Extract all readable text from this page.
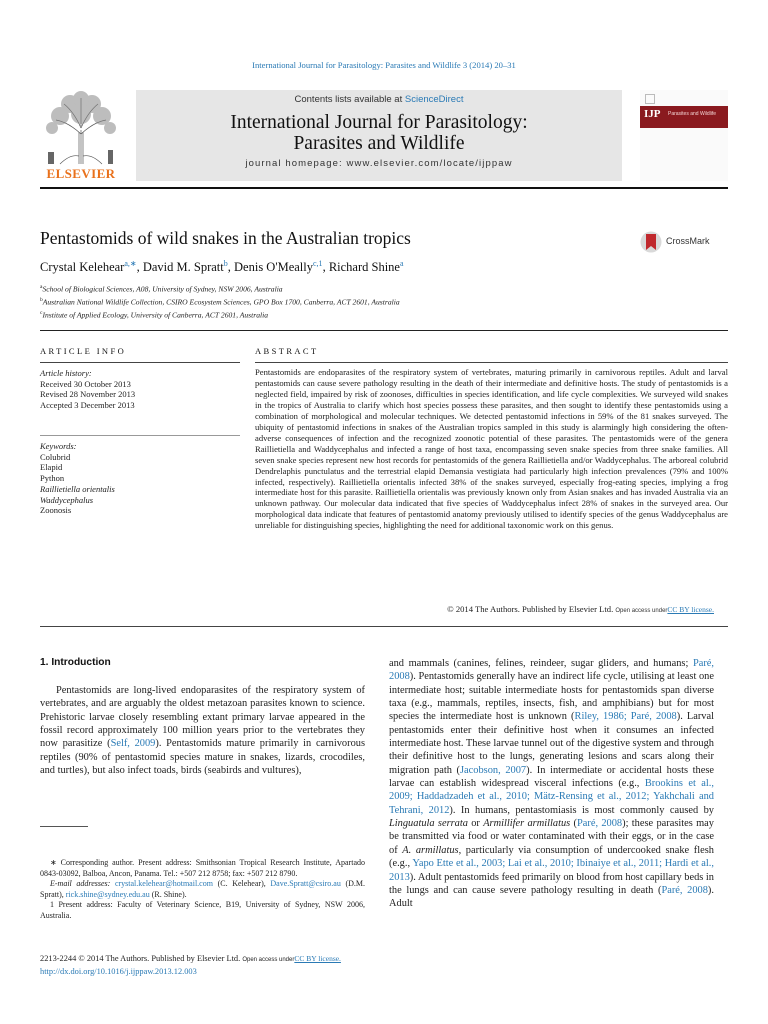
International Journal for Parasitology: Parasites and Wildlife 3 (2014) 20–31
ELSEVIER
Contents lists available at ScienceDirect
International Journal for Parasitology:
Parasites and Wildlife
journal homepage: www.elsevier.com/locate/ijppaw
IJP Parasites and Wildlife
Pentastomids of wild snakes in the Australian tropics	CrossMark
Crystal Kelehear$^{a,∗}$, David M. Spratt$^b$, Denis O'Meally$^{c,1}$, Richard Shine$^a$
$^a$School of Biological Sciences, A08, University of Sydney, NSW 2006, Australia
$^b$Australian National Wildlife Collection, CSIRO Ecosystem Sciences, GPO Box 1700, Canberra, ACT 2601, Australia
$^c$Institute of Applied Ecology, University of Canberra, ACT 2601, Australia
ARTICLE INFO	ABSTRACT
Article history:
Received 30 October 2013
Revised 28 November 2013
Accepted 3 December 2013
Keywords:
Colubrid
Elapid
Python
Raillietiella orientalis
Waddycephalus
Zoonosis
Pentastomids are endoparasites of the respiratory system of vertebrates, maturing primarily in carnivorous reptiles. Adult and larval pentastomids can cause severe pathology resulting in the death of their intermediate and definitive hosts. The study of pentastomids is a neglected field, impaired by risk of zoonoses, difficulties in species identification, and life cycle complexities. We surveyed wild snakes in the tropics of Australia to clarify which host species possess these parasites, and then sought to identify these pentastomids using a combination of morphological and molecular techniques. We detected pentastomid infections in 59% of the 81 snakes surveyed. The ubiquity of pentastomid infections in snakes of the Australian tropics sampled in this study is alarmingly high considering the often-adverse consequences of infection and the recognized zoonotic potential of these parasites. The pentastomids were of the genera Raillietiella and Waddycephalus and infected a range of host taxa, encompassing seven snake species from three snake families. All seven snake species represent new host records for pentastomids of the genera Raillietiella and/or Waddycephalus. The arboreal colubrid Dendrelaphis punctulatus and the terrestrial elapid Demansia vestigiata had particularly high infection prevalences (79% and 100% infected, respectively). Raillietiella orientalis infected 38% of the snakes surveyed, especially frog-eating species, implying a frog intermediate host for this parasite. Raillietiella orientalis was previously known only from Asian snakes and has invaded Australia via an unknown pathway. Our molecular data indicated that five species of Waddycephalus infect 28% of snakes in the surveyed area. Our morphological data indicate that features of pentastomid anatomy previously utilised to identify species of the genus Waddycephalus are unreliable for distinguishing species, highlighting the need for additional taxonomic work on this genus.
© 2014 The Authors. Published by Elsevier Ltd. Open access underCC BY license.
1. Introduction

Pentastomids are long-lived endoparasites of the respiratory system of vertebrates, and are arguably the oldest metazoan parasites known to science. Prehistoric larvae closely resembling extant primary larvae appeared in the fossil record approximately 100 million years prior to the vertebrates they now parasitize (Self, 2009). Pentastomids mature primarily in carnivorous reptiles (90% of pentastomid species mature in snakes, lizards, crocodiles, and turtles), but also infect toads, birds (seabirds and vultures),

∗ Corresponding author. Present address: Smithsonian Tropical Research Institute, Apartado 0843-03092, Balboa, Ancon, Panama. Tel.: +507 212 8758; fax: +507 212 8790.

E-mail addresses: crystal.kelehear@hotmail.com (C. Kelehear), Dave.Spratt@csiro.au (D.M. Spratt), rick.shine@sydney.edu.au (R. Shine).

1 Present address: Faculty of Veterinary Science, B19, University of Sydney, NSW 2006, Australia.

and mammals (canines, felines, reindeer, sugar gliders, and humans; Paré, 2008). Pentastomids generally have an indirect life cycle, utilising at least one intermediate host; suitable intermediate hosts for pentastomids span diverse taxa (e.g., mammals, reptiles, insects, fish, and amphibians) but for most species the intermediate host is unknown (Riley, 1986; Paré, 2008). Larval pentastomids enter their definitive host when it consumes an infected intermediate host. These larvae tunnel out of the digestive system and through their definitive host to the lungs, generating lesions and scars along their migration path (Jacobson, 2007). In intermediate or accidental hosts these larvae can establish widespread visceral infections (e.g., Brookins et al., 2009; Haddadzadeh et al., 2010; Mätz-Rensing et al., 2012; Yakhchali and Tehrani, 2012). In humans, pentastomiasis is most commonly caused by Linguatula serrata or Armillifer armillatus (Paré, 2008); these parasites may be transmitted via food or water contaminated with their eggs, or in the case of A. armillatus, particularly via consumption of undercooked snake flesh (e.g., Yapo Ette et al., 2003; Lai et al., 2010; Ibinaiye et al., 2011; Hardi et al., 2013). Adult pentastomids feed primarily on blood from host capillary beds in the lungs and can cause severe pathology resulting in death (Paré, 2008). Adult

2213-2244 © 2014 The Authors. Published by Elsevier Ltd. Open access underCC BY license.
http://dx.doi.org/10.1016/j.ijppaw.2013.12.003
